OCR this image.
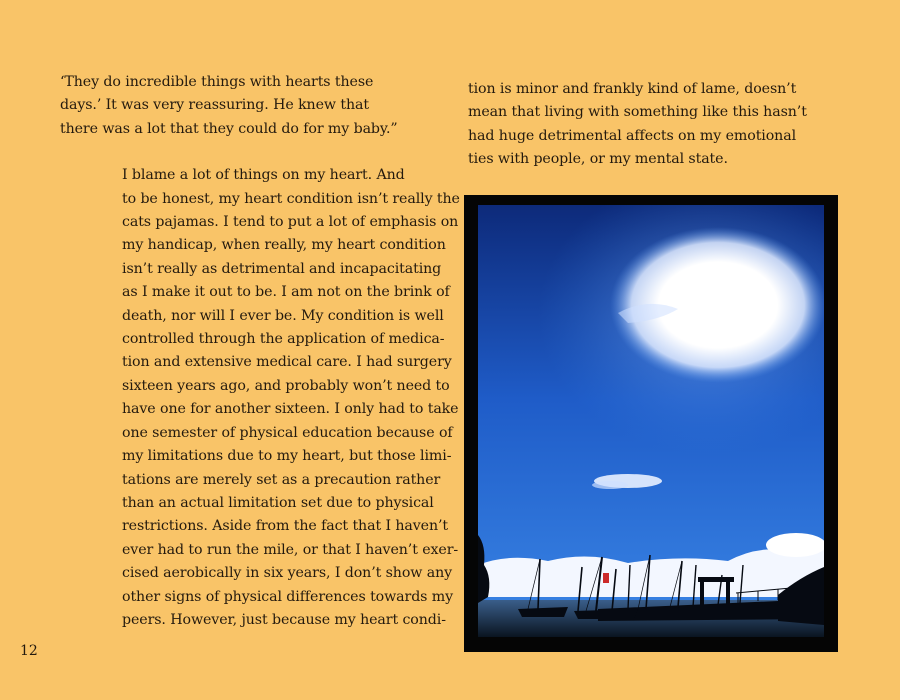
‘They do incredible things with hearts these
days.’ It was very reassuring. He knew that
there was a lot that they could do for my baby.”

I blame a lot of things on my heart. And
to be honest, my heart condition isn’t really the
cats pajamas. I tend to put a lot of emphasis on
my handicap, when really, my heart condition
isn’t really as detrimental and incapacitating
as I make it out to be. I am not on the brink of
death, nor will I ever be. My condition is well
controlled through the application of medica-
tion and extensive medical care. I had surgery
sixteen years ago, and probably won’t need to
have one for another sixteen. I only had to take
one semester of physical education because of
my limitations due to my heart, but those limi-
tations are merely set as a precaution rather
than an actual limitation set due to physical
restrictions. Aside from the fact that I haven’t
ever had to run the mile, or that I haven’t exer-
cised aerobically in six years, I don’t show any
other signs of physical differences towards my
peers. However, just because my heart condi-

tion is minor and frankly kind of lame, doesn’t
mean that living with something like this hasn’t
had huge detrimental affects on my emotional
ties with people, or my mental state.

12
